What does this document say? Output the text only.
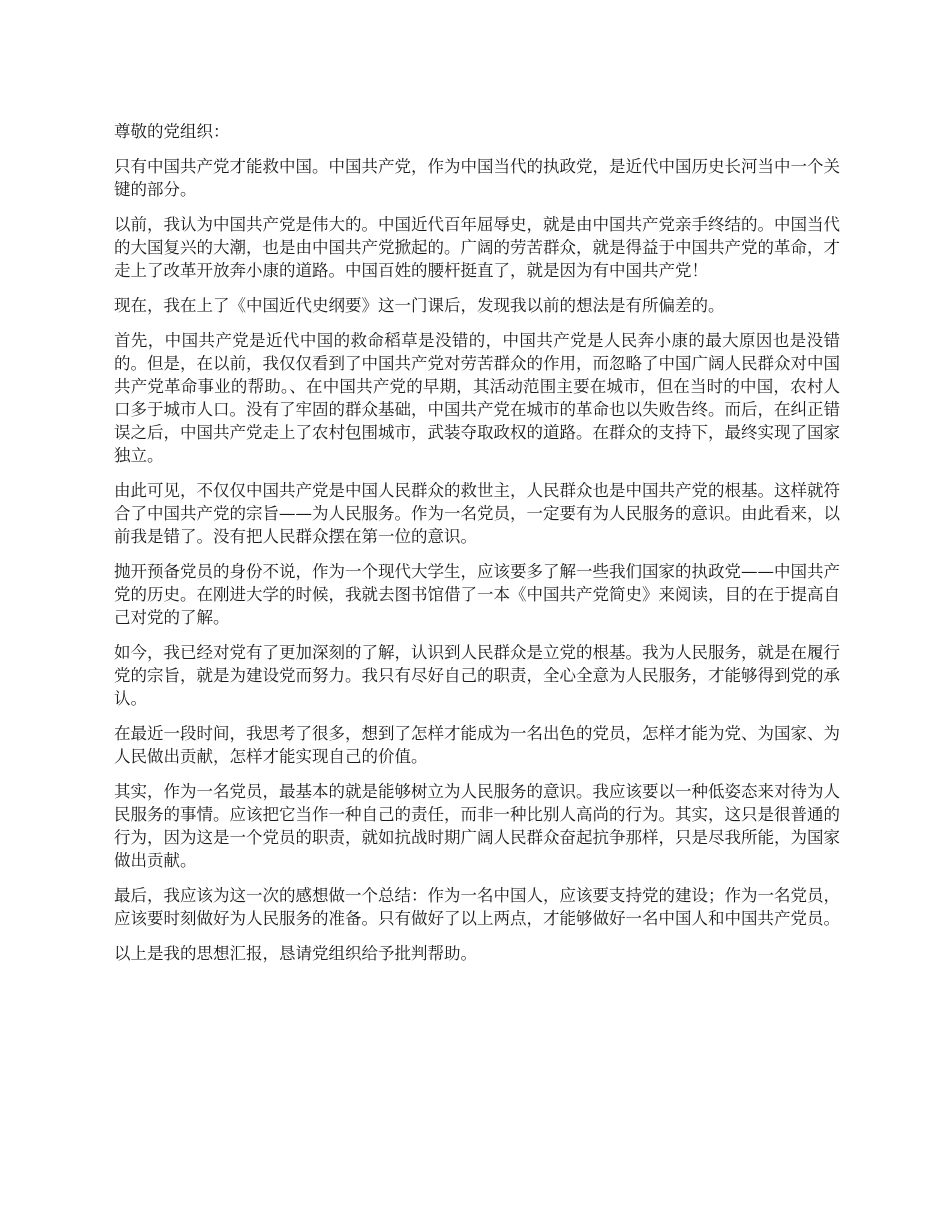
尊敬的党组织：

只有中国共产党才能救中国。中国共产党，作为中国当代的执政党，是近代中国历史长河当中一个关键的部分。

以前，我认为中国共产党是伟大的。中国近代百年屈辱史，就是由中国共产党亲手终结的。中国当代的大国复兴的大潮，也是由中国共产党掀起的。广阔的劳苦群众，就是得益于中国共产党的革命，才走上了改革开放奔小康的道路。中国百姓的腰杆挺直了，就是因为有中国共产党！

现在，我在上了《中国近代史纲要》这一门课后，发现我以前的想法是有所偏差的。

首先，中国共产党是近代中国的救命稻草是没错的，中国共产党是人民奔小康的最大原因也是没错的。但是，在以前，我仅仅看到了中国共产党对劳苦群众的作用，而忽略了中国广阔人民群众对中国共产党革命事业的帮助。、在中国共产党的早期，其活动范围主要在城市，但在当时的中国，农村人口多于城市人口。没有了牢固的群众基础，中国共产党在城市的革命也以失败告终。而后，在纠正错误之后，中国共产党走上了农村包围城市，武装夺取政权的道路。在群众的支持下，最终实现了国家独立。

由此可见，不仅仅中国共产党是中国人民群众的救世主，人民群众也是中国共产党的根基。这样就符合了中国共产党的宗旨——为人民服务。作为一名党员，一定要有为人民服务的意识。由此看来，以前我是错了。没有把人民群众摆在第一位的意识。

抛开预备党员的身份不说，作为一个现代大学生，应该要多了解一些我们国家的执政党——中国共产党的历史。在刚进大学的时候，我就去图书馆借了一本《中国共产党简史》来阅读，目的在于提高自己对党的了解。

如今，我已经对党有了更加深刻的了解，认识到人民群众是立党的根基。我为人民服务，就是在履行党的宗旨，就是为建设党而努力。我只有尽好自己的职责，全心全意为人民服务，才能够得到党的承认。

在最近一段时间，我思考了很多，想到了怎样才能成为一名出色的党员，怎样才能为党、为国家、为人民做出贡献，怎样才能实现自己的价值。

其实，作为一名党员，最基本的就是能够树立为人民服务的意识。我应该要以一种低姿态来对待为人民服务的事情。应该把它当作一种自己的责任，而非一种比别人高尚的行为。其实，这只是很普通的行为，因为这是一个党员的职责，就如抗战时期广阔人民群众奋起抗争那样，只是尽我所能，为国家做出贡献。

最后，我应该为这一次的感想做一个总结：作为一名中国人，应该要支持党的建设；作为一名党员，应该要时刻做好为人民服务的准备。只有做好了以上两点，才能够做好一名中国人和中国共产党员。

以上是我的思想汇报，恳请党组织给予批判帮助。
